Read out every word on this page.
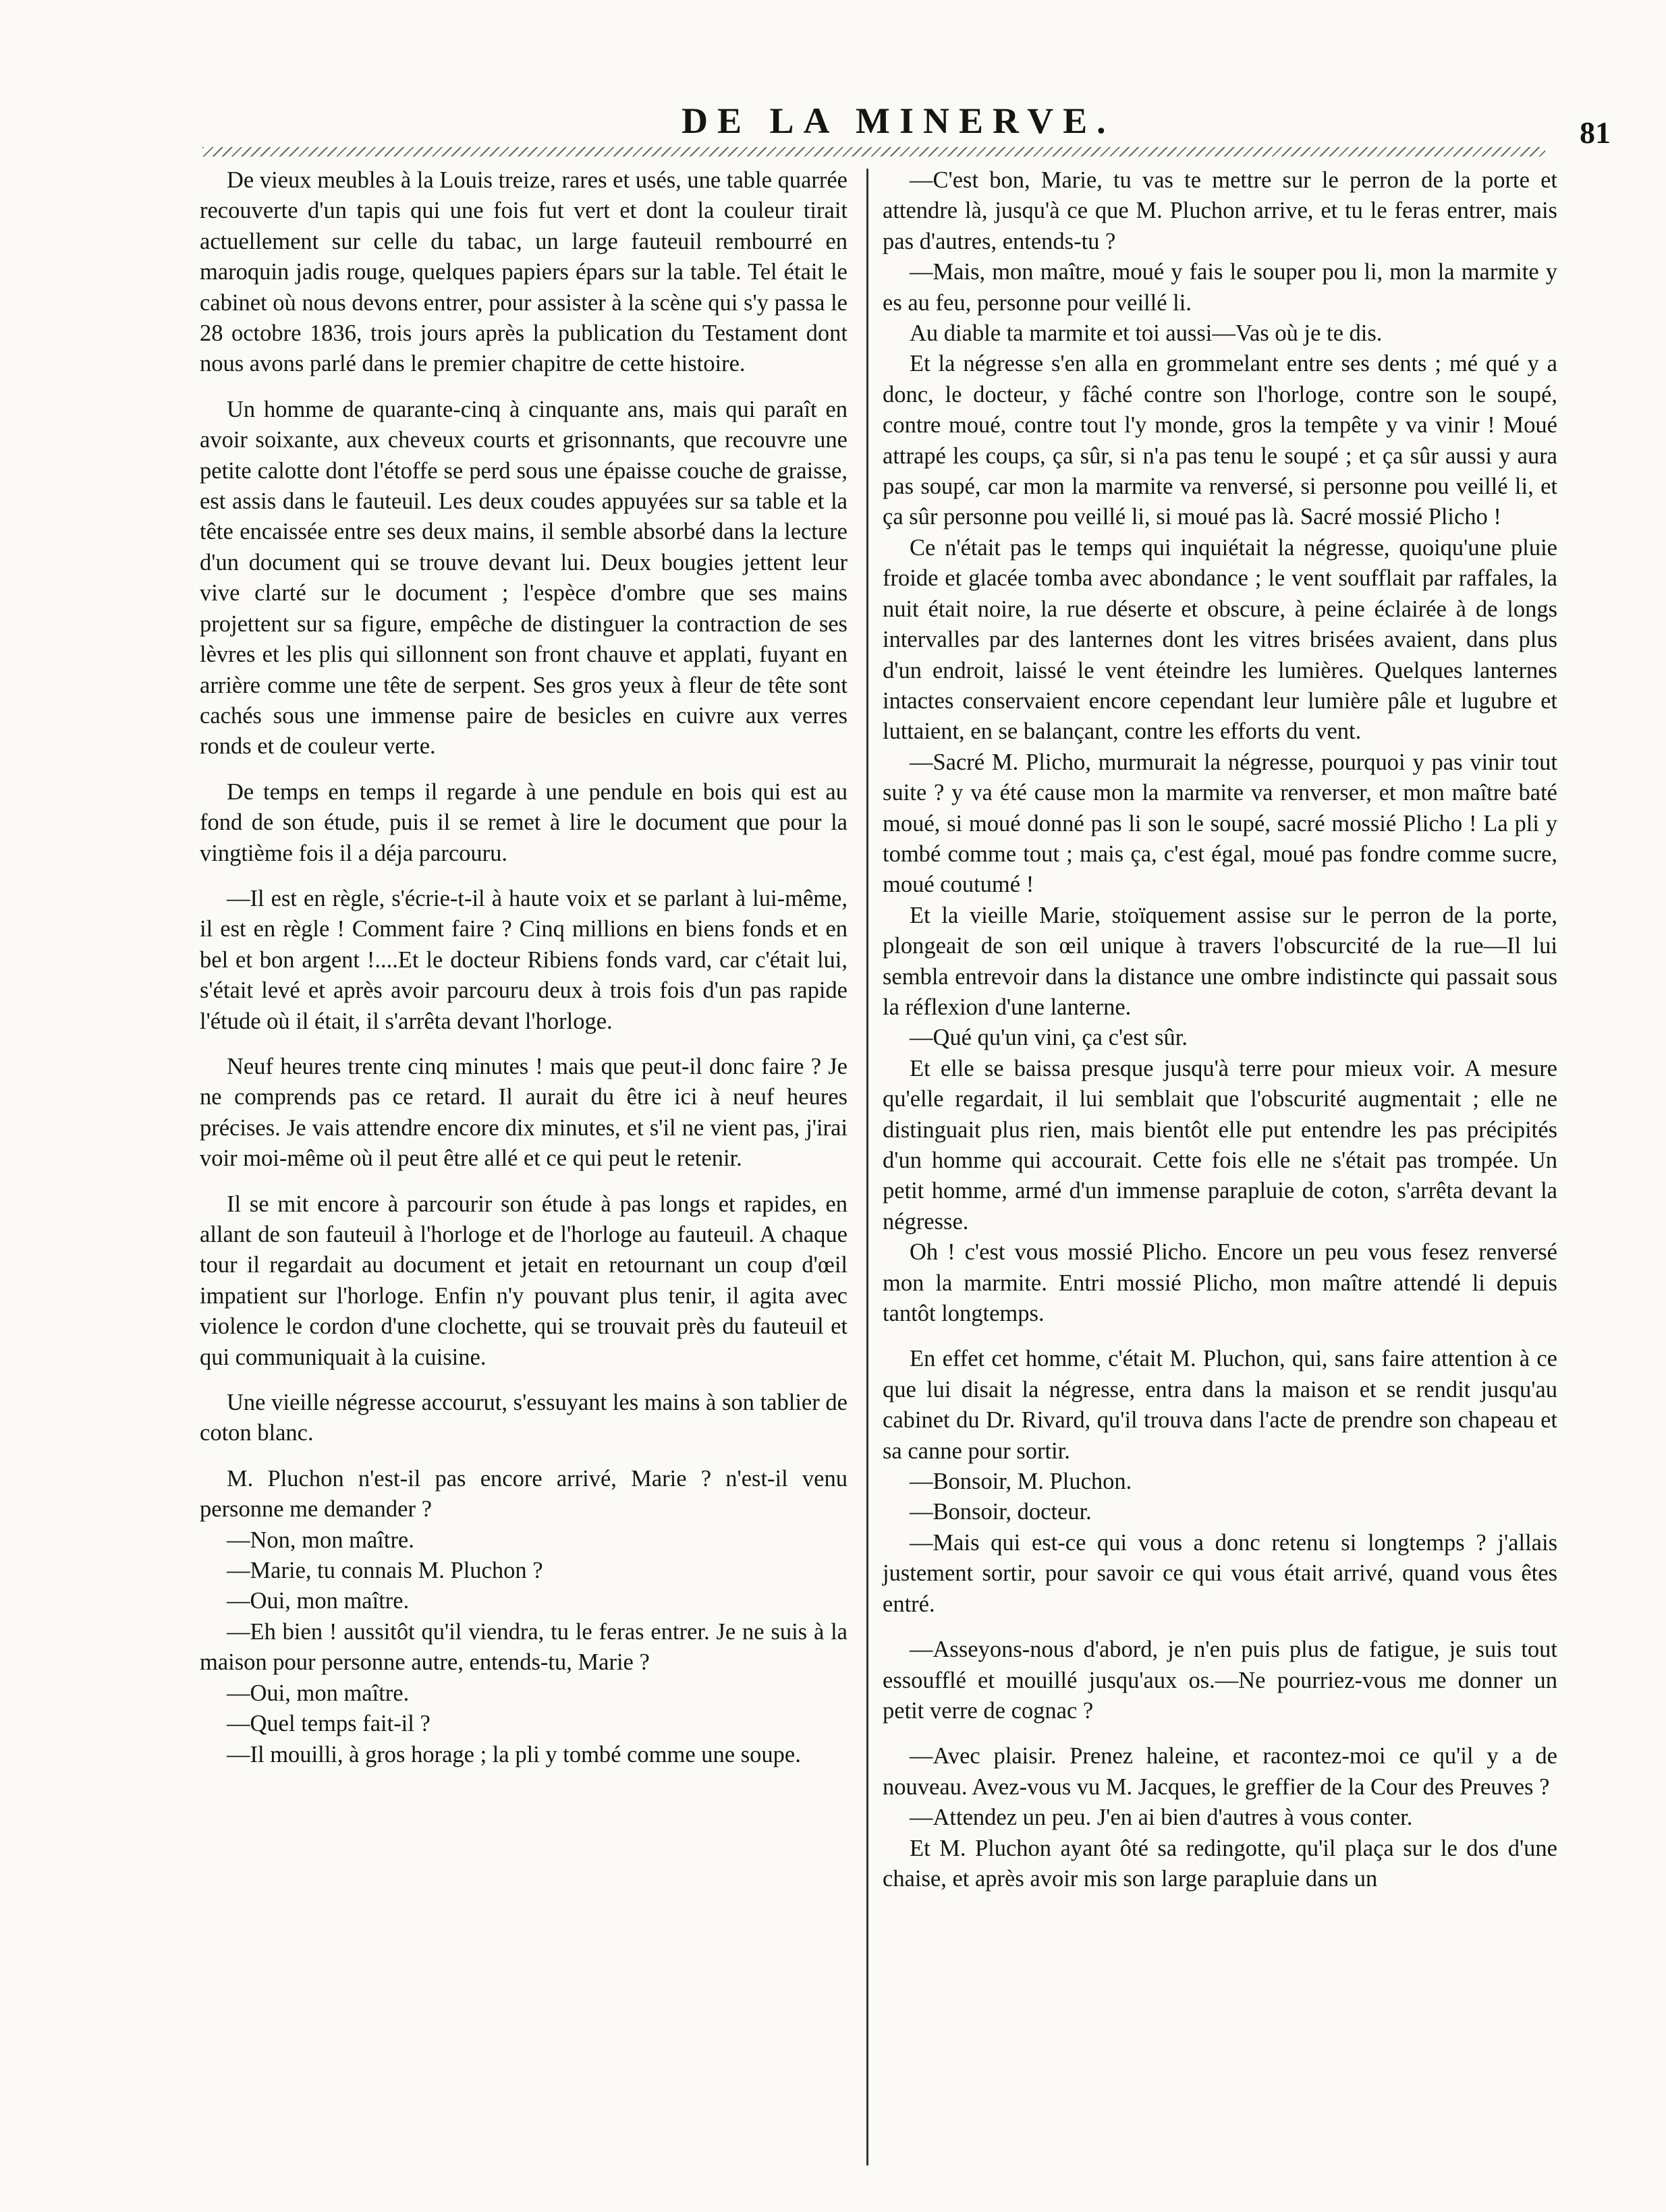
DE LA MINERVE.	81

De vieux meubles à la Louis treize, rares et usés, une table quarrée recouverte d'un tapis qui une fois fut vert et dont la couleur tirait actuellement sur celle du tabac, un large fauteuil rembourré en maroquin jadis rouge, quelques papiers épars sur la table. Tel était le cabinet où nous devons entrer, pour assister à la scène qui s'y passa le 28 octobre 1836, trois jours après la publication du Testament dont nous avons parlé dans le premier chapitre de cette histoire.

Un homme de quarante-cinq à cinquante ans, mais qui paraît en avoir soixante, aux cheveux courts et grisonnants, que recouvre une petite calotte dont l'étoffe se perd sous une épaisse couche de graisse, est assis dans le fauteuil. Les deux coudes appuyées sur sa table et la tête encaissée entre ses deux mains, il semble absorbé dans la lecture d'un document qui se trouve devant lui. Deux bougies jettent leur vive clarté sur le document ; l'espèce d'ombre que ses mains projettent sur sa figure, empêche de distinguer la contraction de ses lèvres et les plis qui sillonnent son front chauve et applati, fuyant en arrière comme une tête de serpent. Ses gros yeux à fleur de tête sont cachés sous une immense paire de besicles en cuivre aux verres ronds et de couleur verte.

De temps en temps il regarde à une pendule en bois qui est au fond de son étude, puis il se remet à lire le document que pour la vingtième fois il a déja parcouru.

—Il est en règle, s'écrie-t-il à haute voix et se parlant à lui-même, il est en règle ! Comment faire ? Cinq millions en biens fonds et en bel et bon argent !....Et le docteur Ribiens fonds vard, car c'était lui, s'était levé et après avoir parcouru deux à trois fois d'un pas rapide l'étude où il était, il s'arrêta devant l'horloge.

Neuf heures trente cinq minutes ! mais que peut-il donc faire ? Je ne comprends pas ce retard. Il aurait du être ici à neuf heures précises. Je vais attendre encore dix minutes, et s'il ne vient pas, j'irai voir moi-même où il peut être allé et ce qui peut le retenir.

Il se mit encore à parcourir son étude à pas longs et rapides, en allant de son fauteuil à l'horloge et de l'horloge au fauteuil. A chaque tour il regardait au document et jetait en retournant un coup d'œil impatient sur l'horloge. Enfin n'y pouvant plus tenir, il agita avec violence le cordon d'une clochette, qui se trouvait près du fauteuil et qui communiquait à la cuisine.

Une vieille négresse accourut, s'essuyant les mains à son tablier de coton blanc.

M. Pluchon n'est-il pas encore arrivé, Marie ? n'est-il venu personne me demander ?

—Non, mon maître.

—Marie, tu connais M. Pluchon ?

—Oui, mon maître.

—Eh bien ! aussitôt qu'il viendra, tu le feras entrer. Je ne suis à la maison pour personne autre, entends-tu, Marie ?

—Oui, mon maître.

—Quel temps fait-il ?

—Il mouilli, à gros horage ; la pli y tombé comme une soupe.

—C'est bon, Marie, tu vas te mettre sur le perron de la porte et attendre là, jusqu'à ce que M. Pluchon arrive, et tu le feras entrer, mais pas d'autres, entends-tu ?

—Mais, mon maître, moué y fais le souper pou li, mon la marmite y es au feu, personne pour veillé li.

Au diable ta marmite et toi aussi—Vas où je te dis.

Et la négresse s'en alla en grommelant entre ses dents ; mé qué y a donc, le docteur, y fâché contre son l'horloge, contre son le soupé, contre moué, contre tout l'y monde, gros la tempête y va vinir ! Moué attrapé les coups, ça sûr, si n'a pas tenu le soupé ; et ça sûr aussi y aura pas soupé, car mon la marmite va renversé, si personne pou veillé li, et ça sûr personne pou veillé li, si moué pas là. Sacré mossié Plicho !

Ce n'était pas le temps qui inquiétait la négresse, quoiqu'une pluie froide et glacée tomba avec abondance ; le vent soufflait par raffales, la nuit était noire, la rue déserte et obscure, à peine éclairée à de longs intervalles par des lanternes dont les vitres brisées avaient, dans plus d'un endroit, laissé le vent éteindre les lumières. Quelques lanternes intactes conservaient encore cependant leur lumière pâle et lugubre et luttaient, en se balançant, contre les efforts du vent.

—Sacré M. Plicho, murmurait la négresse, pourquoi y pas vinir tout suite ? y va été cause mon la marmite va renverser, et mon maître baté moué, si moué donné pas li son le soupé, sacré mossié Plicho ! La pli y tombé comme tout ; mais ça, c'est égal, moué pas fondre comme sucre, moué coutumé !

Et la vieille Marie, stoïquement assise sur le perron de la porte, plongeait de son œil unique à travers l'obscurcité de la rue—Il lui sembla entrevoir dans la distance une ombre indistincte qui passait sous la réflexion d'une lanterne.

—Qué qu'un vini, ça c'est sûr.

Et elle se baissa presque jusqu'à terre pour mieux voir. A mesure qu'elle regardait, il lui semblait que l'obscurité augmentait ; elle ne distinguait plus rien, mais bientôt elle put entendre les pas précipités d'un homme qui accourait. Cette fois elle ne s'était pas trompée. Un petit homme, armé d'un immense parapluie de coton, s'arrêta devant la négresse.

Oh ! c'est vous mossié Plicho. Encore un peu vous fesez renversé mon la marmite. Entri mossié Plicho, mon maître attendé li depuis tantôt longtemps.

En effet cet homme, c'était M. Pluchon, qui, sans faire attention à ce que lui disait la négresse, entra dans la maison et se rendit jusqu'au cabinet du Dr. Rivard, qu'il trouva dans l'acte de prendre son chapeau et sa canne pour sortir.

—Bonsoir, M. Pluchon.

—Bonsoir, docteur.

—Mais qui est-ce qui vous a donc retenu si longtemps ? j'allais justement sortir, pour savoir ce qui vous était arrivé, quand vous êtes entré.

—Asseyons-nous d'abord, je n'en puis plus de fatigue, je suis tout essoufflé et mouillé jusqu'aux os.—Ne pourriez-vous me donner un petit verre de cognac ?

—Avec plaisir. Prenez haleine, et racontez-moi ce qu'il y a de nouveau. Avez-vous vu M. Jacques, le greffier de la Cour des Preuves ?

—Attendez un peu. J'en ai bien d'autres à vous conter.

Et M. Pluchon ayant ôté sa redingotte, qu'il plaça sur le dos d'une chaise, et après avoir mis son large parapluie dans un
